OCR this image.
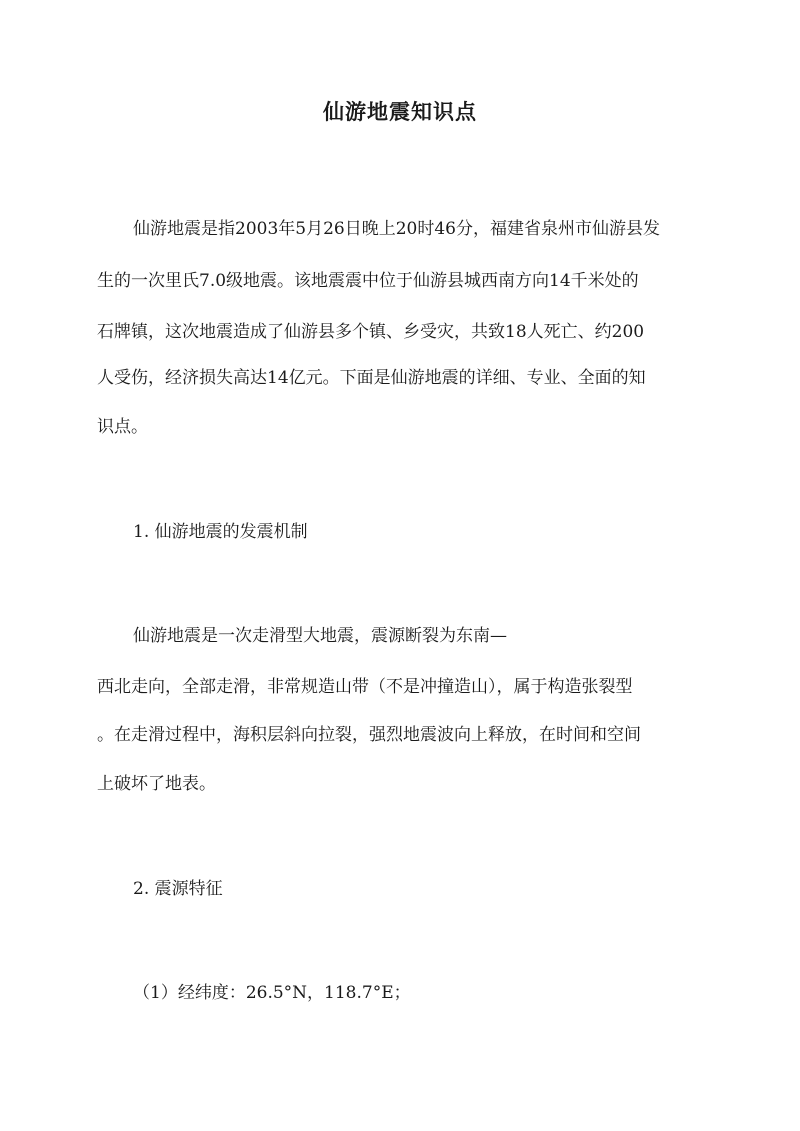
仙游地震知识点
仙游地震是指2003年5月26日晚上20时46分，福建省泉州市仙游县发
生的一次里氏7.0级地震。该地震震中位于仙游县城西南方向14千米处的
石牌镇，这次地震造成了仙游县多个镇、乡受灾，共致18人死亡、约200
人受伤，经济损失高达14亿元。下面是仙游地震的详细、专业、全面的知
识点。
1. 仙游地震的发震机制
仙游地震是一次走滑型大地震，震源断裂为东南—
西北走向，全部走滑，非常规造山带（不是冲撞造山），属于构造张裂型
。在走滑过程中，海积层斜向拉裂，强烈地震波向上释放，在时间和空间
上破坏了地表。
2. 震源特征
（1）经纬度：26.5°N，118.7°E；
